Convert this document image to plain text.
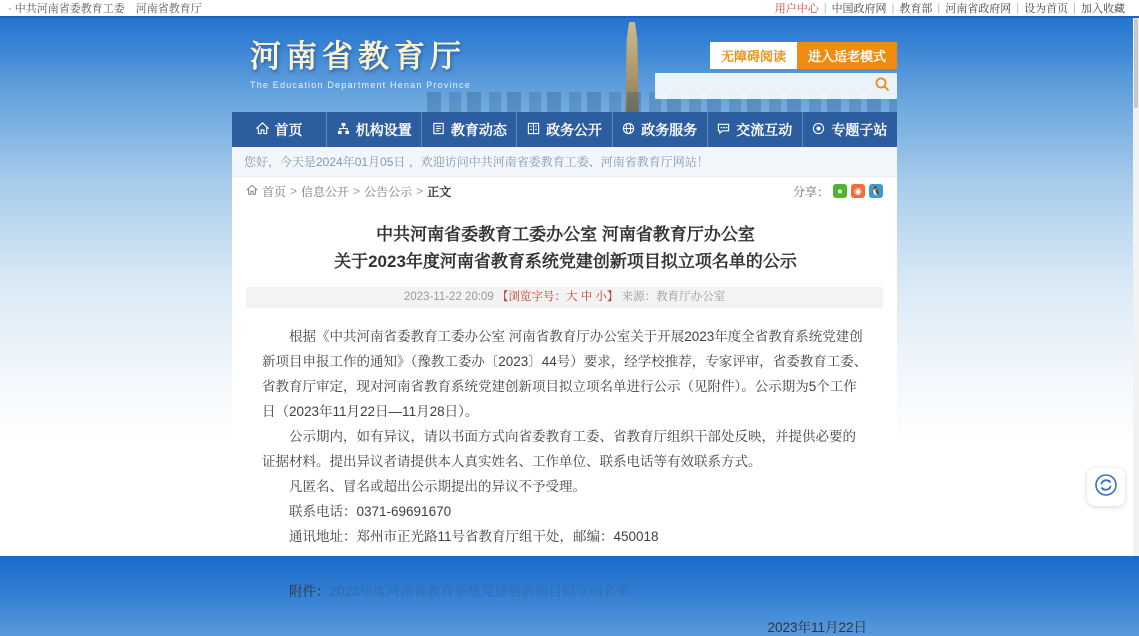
· 中共河南省委教育工委　河南省教育厅	用户中心 | 中国政府网 | 教育部 | 河南省政府网 | 设为首页 | 加入收藏
河南省教育厅
The Education Department Henan Province
无障碍阅读	进入适老模式
首页	机构设置	教育动态	政务公开	政务服务	交流互动	专题子站
您好，今天是2024年01月05日 ，欢迎访问中共河南省委教育工委、河南省教育厅网站！
首页 > 信息公开 > 公告公示 > 正文	分享： ●	◉ 🐧
中共河南省委教育工委办公室 河南省教育厅办公室
关于2023年度河南省教育系统党建创新项目拟立项名单的公示
2023-11-22 20:09 【浏览字号：大 中 小】 来源：教育厅办公室

根据《中共河南省委教育工委办公室 河南省教育厅办公室关于开展2023年度全省教育系统党建创新项目申报工作的通知》（豫教工委办〔2023〕44号）要求，经学校推荐，专家评审，省委教育工委、省教育厅审定，现对河南省教育系统党建创新项目拟立项名单进行公示（见附件）。公示期为5个工作日（2023年11月22日—11月28日）。

公示期内，如有异议，请以书面方式向省委教育工委、省教育厅组织干部处反映，并提供必要的证据材料。提出异议者请提供本人真实姓名、工作单位、联系电话等有效联系方式。

凡匿名、冒名或超出公示期提出的异议不予受理。

联系电话：0371-69691670

通讯地址：郑州市正光路11号省教育厅组干处，邮编：450018

附件：2023年度河南省教育系统党建创新项目拟立项名单
2023年11月22日
